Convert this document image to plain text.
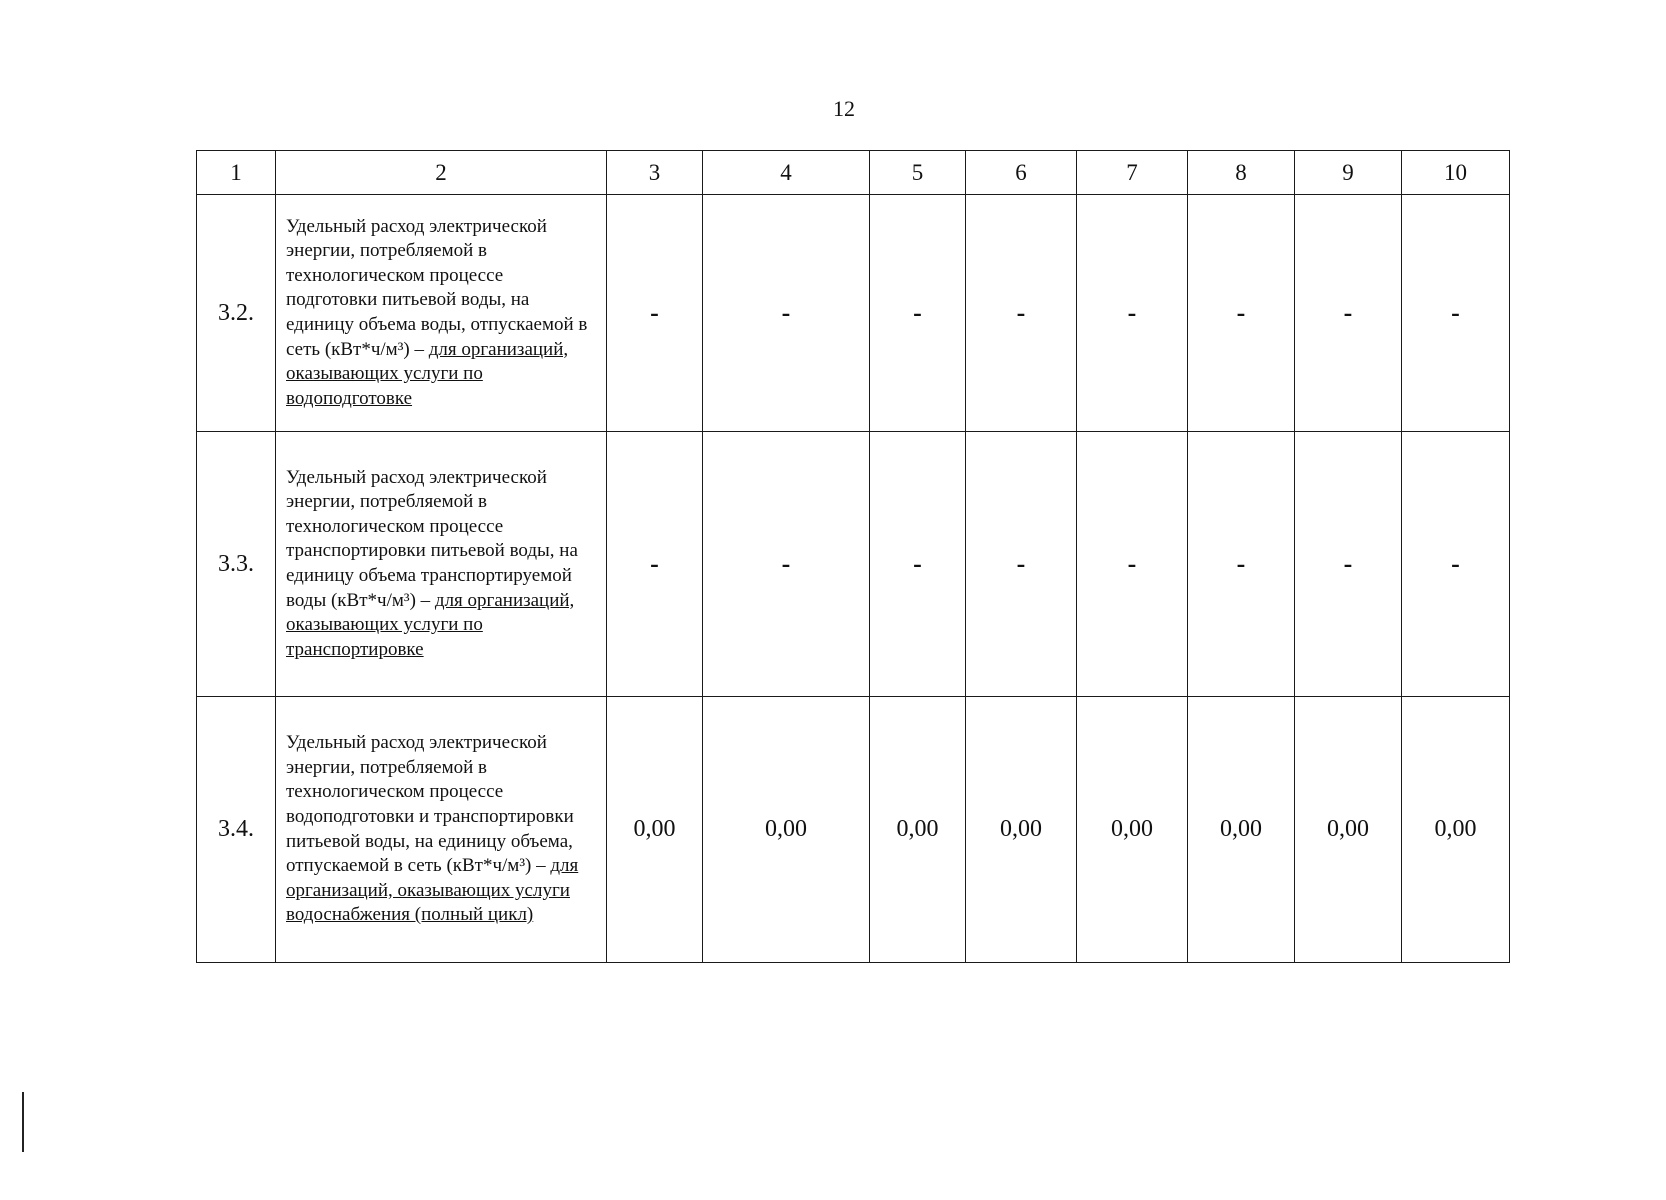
12
1	2	3	4	5	6	7	8	9	10
3.2.	Удельный расход электрической энергии, потребляемой в технологическом процессе подготовки питьевой воды, на единицу объема воды, отпускаемой в сеть (кВт*ч/м³) – для организаций, оказывающих услуги по водоподготовке	-	-	-	-	-	-	-	-
3.3.	Удельный расход электрической энергии, потребляемой в технологическом процессе транспортировки питьевой воды, на единицу объема транспортируемой воды (кВт*ч/м³) – для организаций, оказывающих услуги по транспортировке	-	-	-	-	-	-	-	-
3.4.	Удельный расход электрической энергии, потребляемой в технологическом процессе водоподготовки и транспортировки питьевой воды, на единицу объема, отпускаемой в сеть (кВт*ч/м³) – для организаций, оказывающих услуги водоснабжения (полный цикл)	0,00	0,00	0,00	0,00	0,00	0,00	0,00	0,00
